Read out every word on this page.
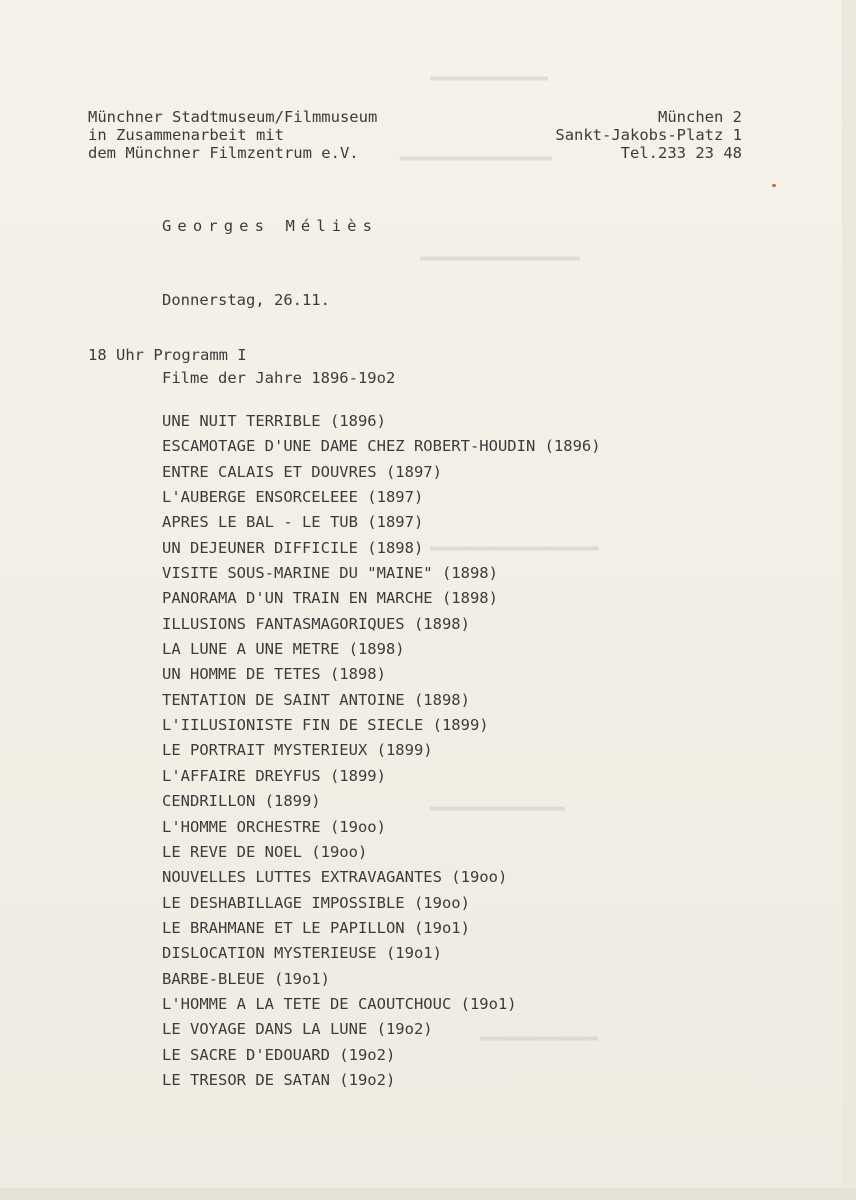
▬▬▬▬▬▬▬▬▬▬▬▬▬▬
▬▬▬▬▬▬▬▬▬▬▬▬▬▬▬▬▬▬
▬▬▬▬▬▬▬▬▬▬▬▬▬▬▬▬▬▬▬
▬▬▬▬▬▬▬▬▬▬▬▬▬▬▬▬▬▬▬▬
▬▬▬▬▬▬▬▬▬▬▬▬▬▬▬▬
▬▬▬▬▬▬▬▬▬▬▬▬▬▬
Münchner Stadtmuseum/Filmmuseum
in Zusammenarbeit mit
dem Münchner Filmzentrum e.V.
München 2
Sankt-Jakobs-Platz 1
Tel.233 23 48
Georges Méliès
Donnerstag, 26.11.
18 Uhr Programm I
Filme der Jahre 1896-19o2
UNE NUIT TERRIBLE (1896)
ESCAMOTAGE D'UNE DAME CHEZ ROBERT-HOUDIN (1896)
ENTRE CALAIS ET DOUVRES (1897)
L'AUBERGE ENSORCELEEE (1897)
APRES LE BAL - LE TUB (1897)
UN DEJEUNER DIFFICILE (1898)
VISITE SOUS-MARINE DU "MAINE" (1898)
PANORAMA D'UN TRAIN EN MARCHE (1898)
ILLUSIONS FANTASMAGORIQUES (1898)
LA LUNE A UNE METRE (1898)
UN HOMME DE TETES (1898)
TENTATION DE SAINT ANTOINE (1898)
L'IILUSIONISTE FIN DE SIECLE (1899)
LE PORTRAIT MYSTERIEUX (1899)
L'AFFAIRE DREYFUS (1899)
CENDRILLON (1899)
L'HOMME ORCHESTRE (19oo)
LE REVE DE NOEL (19oo)
NOUVELLES LUTTES EXTRAVAGANTES (19oo)
LE DESHABILLAGE IMPOSSIBLE (19oo)
LE BRAHMANE ET LE PAPILLON (19o1)
DISLOCATION MYSTERIEUSE (19o1)
BARBE-BLEUE (19o1)
L'HOMME A LA TETE DE CAOUTCHOUC (19o1)
LE VOYAGE DANS LA LUNE (19o2)
LE SACRE D'EDOUARD (19o2)
LE TRESOR DE SATAN (19o2)
